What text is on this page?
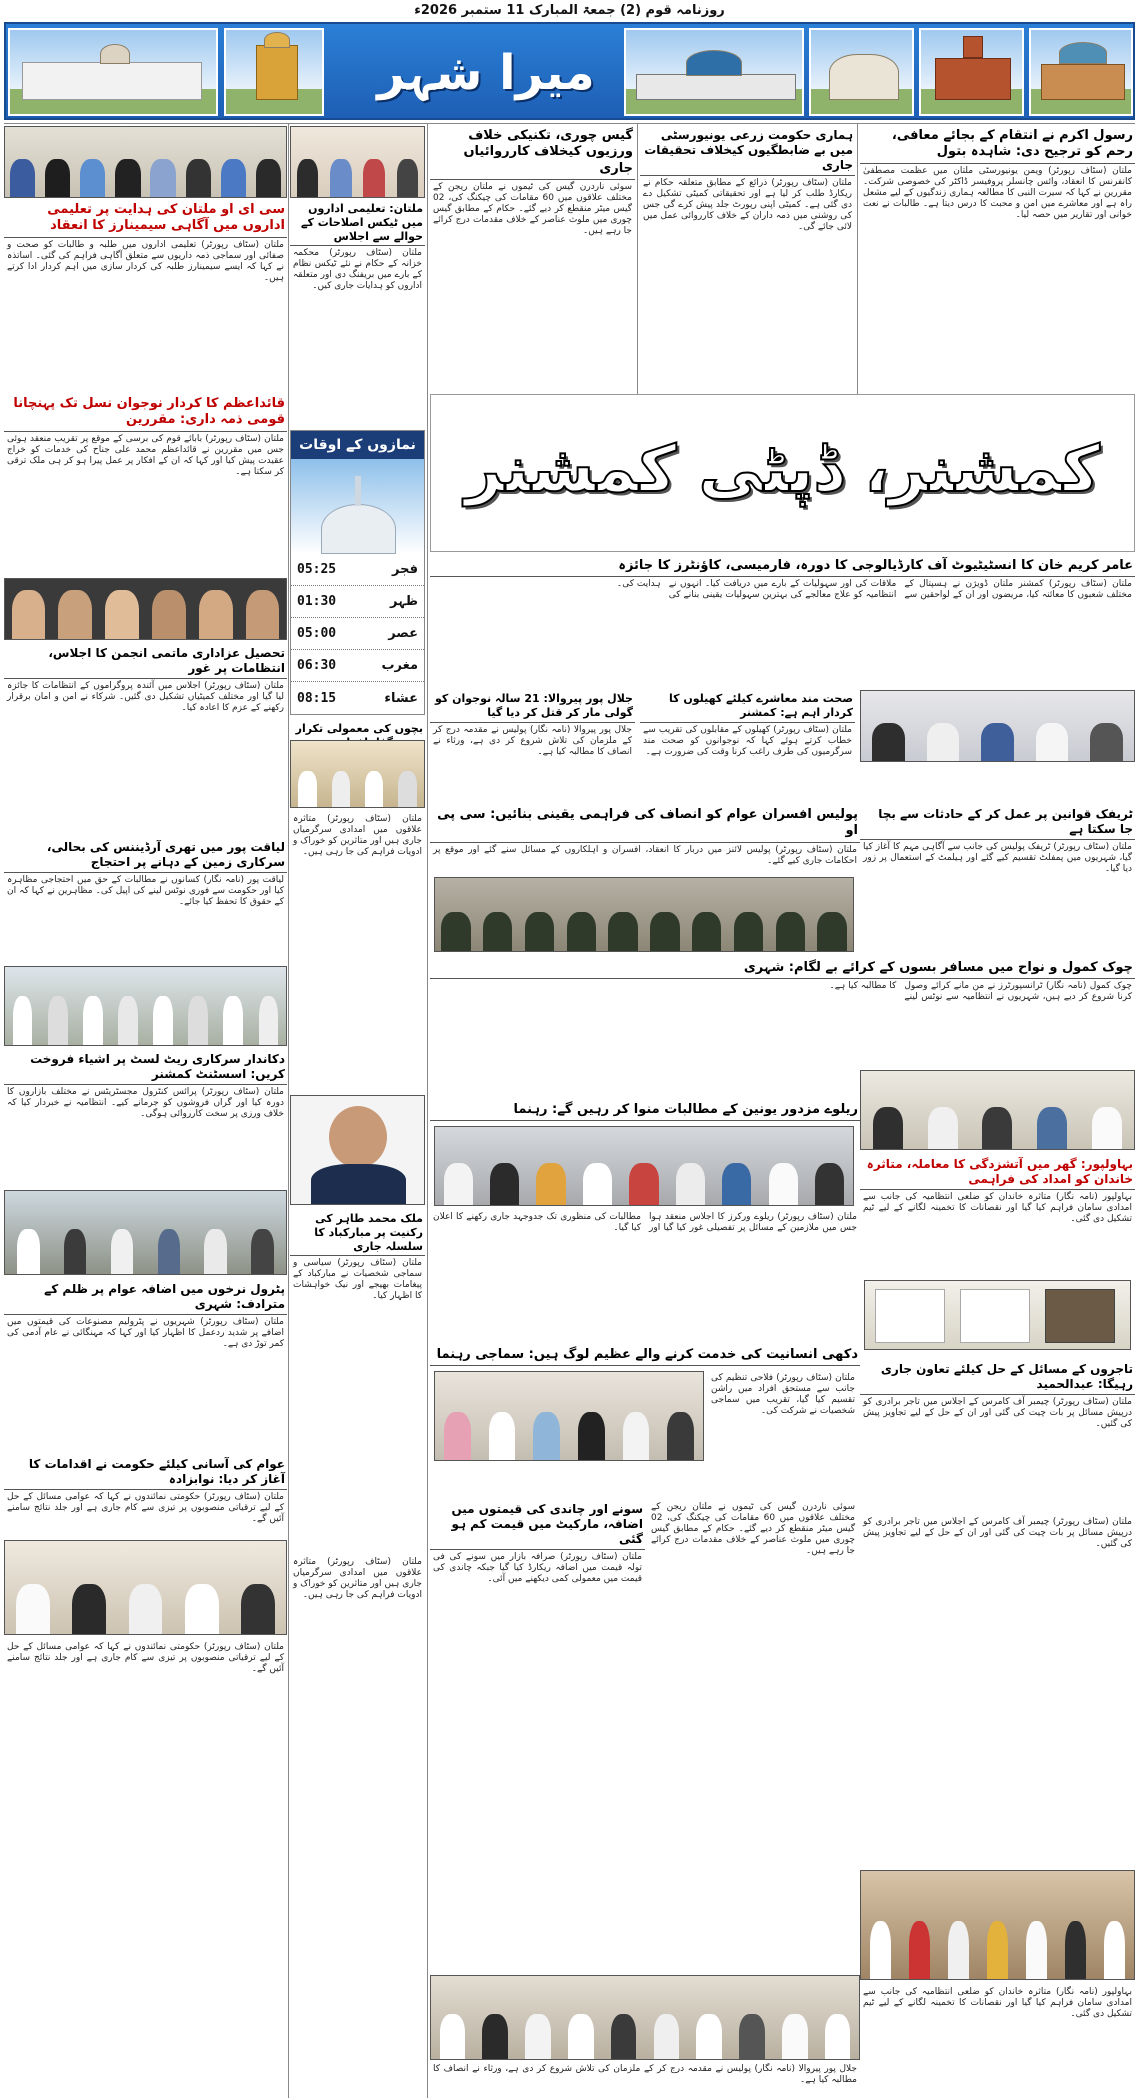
روزنامہ قوم (2) جمعۃ المبارک 11 ستمبر 2026ء
میرا شہر
رسول اکرم نے انتقام کے بجائے معافی، رحم کو ترجیح دی: شاہدہ بتول
ملتان (سٹاف رپورٹر) ویمن یونیورسٹی ملتان میں عظمت مصطفیٰ کانفرنس کا انعقاد، وائس چانسلر پروفیسر ڈاکٹر کی خصوصی شرکت۔ مقررین نے کہا کہ سیرت النبی کا مطالعہ ہماری زندگیوں کے لیے مشعل راہ ہے اور معاشرے میں امن و محبت کا درس دیتا ہے۔ طالبات نے نعت خوانی اور تقاریر میں حصہ لیا۔
ہماری حکومت زرعی یونیورسٹی میں بے ضابطگیوں کیخلاف تحقیقات جاری
ملتان (سٹاف رپورٹر) ذرائع کے مطابق متعلقہ حکام نے ریکارڈ طلب کر لیا ہے اور تحقیقاتی کمیٹی تشکیل دے دی گئی ہے۔ کمیٹی اپنی رپورٹ جلد پیش کرے گی جس کی روشنی میں ذمہ داران کے خلاف کارروائی عمل میں لائی جائے گی۔
گیس چوری، تکنیکی خلاف ورزیوں کیخلاف کارروائیاں جاری
سوئی ناردرن گیس کی ٹیموں نے ملتان ریجن کے مختلف علاقوں میں 60 مقامات کی چیکنگ کی، 02 گیس میٹر منقطع کر دیے گئے۔ حکام کے مطابق گیس چوری میں ملوث عناصر کے خلاف مقدمات درج کرائے جا رہے ہیں۔
سی ای او ملتان کی ہدایت پر تعلیمی اداروں میں آگاہی سیمینارز کا انعقاد
ملتان (سٹاف رپورٹر) تعلیمی اداروں میں طلبہ و طالبات کو صحت و صفائی اور سماجی ذمہ داریوں سے متعلق آگاہی فراہم کی گئی۔ اساتذہ نے کہا کہ ایسے سیمینارز طلبہ کی کردار سازی میں اہم کردار ادا کرتے ہیں۔
ملتان: تعلیمی اداروں میں ٹیکس اصلاحات کے حوالے سے اجلاس
ملتان (سٹاف رپورٹر) محکمہ خزانہ کے حکام نے نئے ٹیکس نظام کے بارے میں بریفنگ دی اور متعلقہ اداروں کو ہدایات جاری کیں۔
کمشنر، ڈپٹی کمشنر
قائداعظم کا کردار نوجوان نسل تک پہنچانا قومی ذمہ داری: مقررین
ملتان (سٹاف رپورٹر) بابائے قوم کی برسی کے موقع پر تقریب منعقد ہوئی جس میں مقررین نے قائداعظم محمد علی جناح کی خدمات کو خراج عقیدت پیش کیا اور کہا کہ ان کے افکار پر عمل پیرا ہو کر ہی ملک ترقی کر سکتا ہے۔
تحصیل عزاداری ماتمی انجمن کا اجلاس، انتظامات پر غور
ملتان (سٹاف رپورٹر) اجلاس میں آئندہ پروگراموں کے انتظامات کا جائزہ لیا گیا اور مختلف کمیٹیاں تشکیل دی گئیں۔ شرکاء نے امن و امان برقرار رکھنے کے عزم کا اعادہ کیا۔
نمازوں کے اوقات
05:25	فجر
01:30	ظہر
05:00	عصر
06:30	مغرب
08:15	عشاء
عامر کریم خان کا انسٹیٹیوٹ آف کارڈیالوجی کا دورہ، فارمیسی، کاؤنٹرز کا جائزہ
ملتان (سٹاف رپورٹر) کمشنر ملتان ڈویژن نے ہسپتال کے مختلف شعبوں کا معائنہ کیا، مریضوں اور ان کے لواحقین سے ملاقات کی اور سہولیات کے بارے میں دریافت کیا۔ انہوں نے انتظامیہ کو علاج معالجے کی بہترین سہولیات یقینی بنانے کی ہدایت کی۔
صحت مند معاشرے کیلئے کھیلوں کا کردار اہم ہے: کمشنر
ملتان (سٹاف رپورٹر) کھیلوں کے مقابلوں کی تقریب سے خطاب کرتے ہوئے کہا کہ نوجوانوں کو صحت مند سرگرمیوں کی طرف راغب کرنا وقت کی ضرورت ہے۔
جلال پور پیروالا: 21 سالہ نوجوان کو گولی مار کر قتل کر دیا گیا
جلال پور پیروالا (نامہ نگار) پولیس نے مقدمہ درج کر کے ملزمان کی تلاش شروع کر دی ہے، ورثاء نے انصاف کا مطالبہ کیا ہے۔
پولیس افسران عوام کو انصاف کی فراہمی یقینی بنائیں: سی پی او
ملتان (سٹاف رپورٹر) پولیس لائنز میں دربار کا انعقاد، افسران و اہلکاروں کے مسائل سنے گئے اور موقع پر احکامات جاری کیے گئے۔
ٹریفک قوانین پر عمل کر کے حادثات سے بچا جا سکتا ہے
ملتان (سٹاف رپورٹر) ٹریفک پولیس کی جانب سے آگاہی مہم کا آغاز کیا گیا، شہریوں میں پمفلٹ تقسیم کیے گئے اور ہیلمٹ کے استعمال پر زور دیا گیا۔
لیاقت پور میں تھری آرڈیننس کی بحالی، سرکاری زمین کے دہانے پر احتجاج
لیاقت پور (نامہ نگار) کسانوں نے مطالبات کے حق میں احتجاجی مظاہرہ کیا اور حکومت سے فوری نوٹس لینے کی اپیل کی۔ مظاہرین نے کہا کہ ان کے حقوق کا تحفظ کیا جائے۔
بچوں کی معمولی تکرار
ملتان (سٹاف رپورٹر) متاثرہ علاقوں میں امدادی سرگرمیاں جاری ہیں اور متاثرین کو خوراک و ادویات فراہم کی جا رہی ہیں۔
چوک کمول و نواح میں مسافر بسوں کے کرائے بے لگام: شہری
چوک کمول (نامہ نگار) ٹرانسپورٹرز نے من مانے کرائے وصول کرنا شروع کر دیے ہیں، شہریوں نے انتظامیہ سے نوٹس لینے کا مطالبہ کیا ہے۔
دکاندار سرکاری ریٹ لسٹ پر اشیاء فروخت کریں: اسسٹنٹ کمشنر
ملتان (سٹاف رپورٹر) پرائس کنٹرول مجسٹریٹس نے مختلف بازاروں کا دورہ کیا اور گراں فروشوں کو جرمانے کیے۔ انتظامیہ نے خبردار کیا کہ خلاف ورزی پر سخت کارروائی ہوگی۔	ریلوے مزدور یونین کے مطالبات منوا کر رہیں گے: رہنما
ملتان (سٹاف رپورٹر) ریلوے ورکرز کا اجلاس منعقد ہوا جس میں ملازمین کے مسائل پر تفصیلی غور کیا گیا اور مطالبات کی منظوری تک جدوجہد جاری رکھنے کا اعلان کیا گیا۔
بہاولپور: گھر میں آتشزدگی کا معاملہ، متاثرہ خاندان کو امداد کی فراہمی
بہاولپور (نامہ نگار) متاثرہ خاندان کو ضلعی انتظامیہ کی جانب سے امدادی سامان فراہم کیا گیا اور نقصانات کا تخمینہ لگانے کے لیے ٹیم تشکیل دی گئی۔
پٹرول نرخوں میں اضافہ عوام پر ظلم کے مترادف: شہری
ملتان (سٹاف رپورٹر) شہریوں نے پٹرولیم مصنوعات کی قیمتوں میں اضافے پر شدید ردعمل کا اظہار کیا اور کہا کہ مہنگائی نے عام آدمی کی کمر توڑ دی ہے۔
ملک محمد طاہر کی رکنیت پر مبارکباد کا سلسلہ جاری
ملتان (سٹاف رپورٹر) سیاسی و سماجی شخصیات نے مبارکباد کے پیغامات بھیجے اور نیک خواہشات کا اظہار کیا۔
دکھی انسانیت کی خدمت کرنے والے عظیم لوگ ہیں: سماجی رہنما
ملتان (سٹاف رپورٹر) فلاحی تنظیم کی جانب سے مستحق افراد میں راشن تقسیم کیا گیا، تقریب میں سماجی شخصیات نے شرکت کی۔
تاجروں کے مسائل کے حل کیلئے تعاون جاری رہیگا: عبدالحمید
ملتان (سٹاف رپورٹر) چیمبر آف کامرس کے اجلاس میں تاجر برادری کو درپیش مسائل پر بات چیت کی گئی اور ان کے حل کے لیے تجاویز پیش کی گئیں۔
عوام کی آسانی کیلئے حکومت نے اقدامات کا آغاز کر دیا: نوابزادہ
ملتان (سٹاف رپورٹر) حکومتی نمائندوں نے کہا کہ عوامی مسائل کے حل کے لیے ترقیاتی منصوبوں پر تیزی سے کام جاری ہے اور جلد نتائج سامنے آئیں گے۔
ملتان (سٹاف رپورٹر) حکومتی نمائندوں نے کہا کہ عوامی مسائل کے حل کے لیے ترقیاتی منصوبوں پر تیزی سے کام جاری ہے اور جلد نتائج سامنے آئیں گے۔
ملتان (سٹاف رپورٹر) متاثرہ علاقوں میں امدادی سرگرمیاں جاری ہیں اور متاثرین کو خوراک و ادویات فراہم کی جا رہی ہیں۔
سونے اور چاندی کی قیمتوں میں اضافہ، مارکیٹ میں قیمت کم ہو گئی
ملتان (سٹاف رپورٹر) صرافہ بازار میں سونے کی فی تولہ قیمت میں اضافہ ریکارڈ کیا گیا جبکہ چاندی کی قیمت میں معمولی کمی دیکھنے میں آئی۔
سوئی ناردرن گیس کی ٹیموں نے ملتان ریجن کے مختلف علاقوں میں 60 مقامات کی چیکنگ کی، 02 گیس میٹر منقطع کر دیے گئے۔ حکام کے مطابق گیس چوری میں ملوث عناصر کے خلاف مقدمات درج کرائے جا رہے ہیں۔
ملتان (سٹاف رپورٹر) چیمبر آف کامرس کے اجلاس میں تاجر برادری کو درپیش مسائل پر بات چیت کی گئی اور ان کے حل کے لیے تجاویز پیش کی گئیں۔
بہاولپور (نامہ نگار) متاثرہ خاندان کو ضلعی انتظامیہ کی جانب سے امدادی سامان فراہم کیا گیا اور نقصانات کا تخمینہ لگانے کے لیے ٹیم تشکیل دی گئی۔
جلال پور پیروالا (نامہ نگار) پولیس نے مقدمہ درج کر کے ملزمان کی تلاش شروع کر دی ہے، ورثاء نے انصاف کا مطالبہ کیا ہے۔
